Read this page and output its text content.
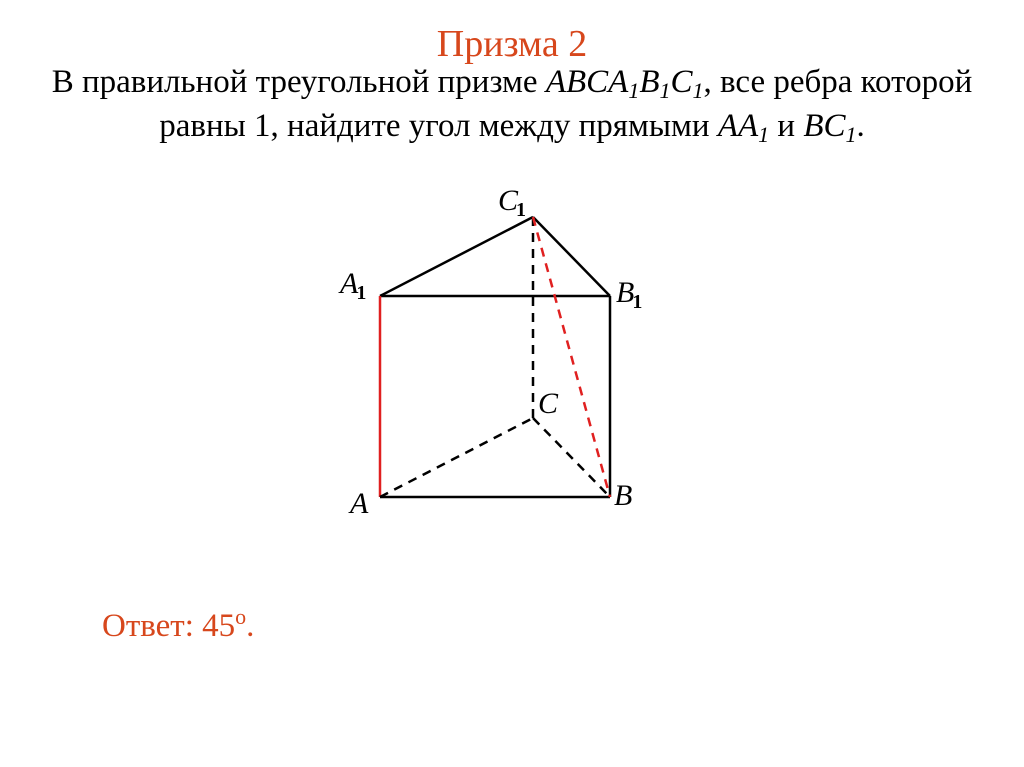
Призма 2
В правильной треугольной призме $ABCA_1B_1C_1$, все ребра которой
равны 1, найдите угол между прямыми $AA_1$ и $BC_1$.
C1
A1	B1
C
A	B
Ответ: $45^о$.
